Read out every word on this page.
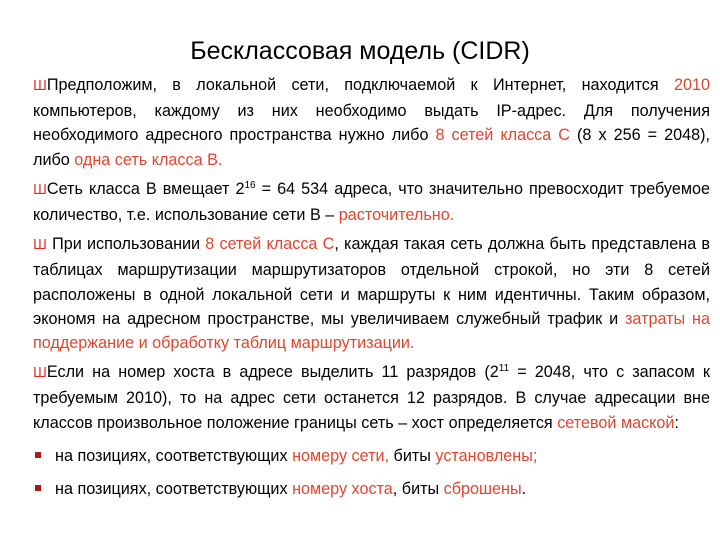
Бесклассовая модель (CIDR)
ШПредположим, в локальной сети, подключаемой к Интернет, находится 2010 компьютеров, каждому из них необходимо выдать IP-адрес. Для получения необходимого адресного пространства нужно либо 8 сетей класса С (8 х 256 = 2048), либо одна сеть класса В.
ШСеть класса В вмещает $2^{16} = 64$ 534 адреса, что значительно превосходит требуемое количество, т.е. использование сети В – расточительно.
Ш При использовании 8 сетей класса С, каждая такая сеть должна быть представлена в таблицах маршрутизации маршрутизаторов отдельной строкой, но эти 8 сетей расположены в одной локальной сети и маршруты к ним идентичны. Таким образом, экономя на адресном пространстве, мы увеличиваем служебный трафик и затраты на поддержание и обработку таблиц маршрутизации.
ШЕсли на номер хоста в адресе выделить 11 разрядов ($2^{11} = 2048$, что с запасом к требуемым 2010), то на адрес сети останется 12 разрядов. В случае адресации вне классов произвольное положение границы сеть – хост определяется сетевой маской:
на позициях, соответствующих номеру сети, биты установлены;
на позициях, соответствующих номеру хоста, биты сброшены.
